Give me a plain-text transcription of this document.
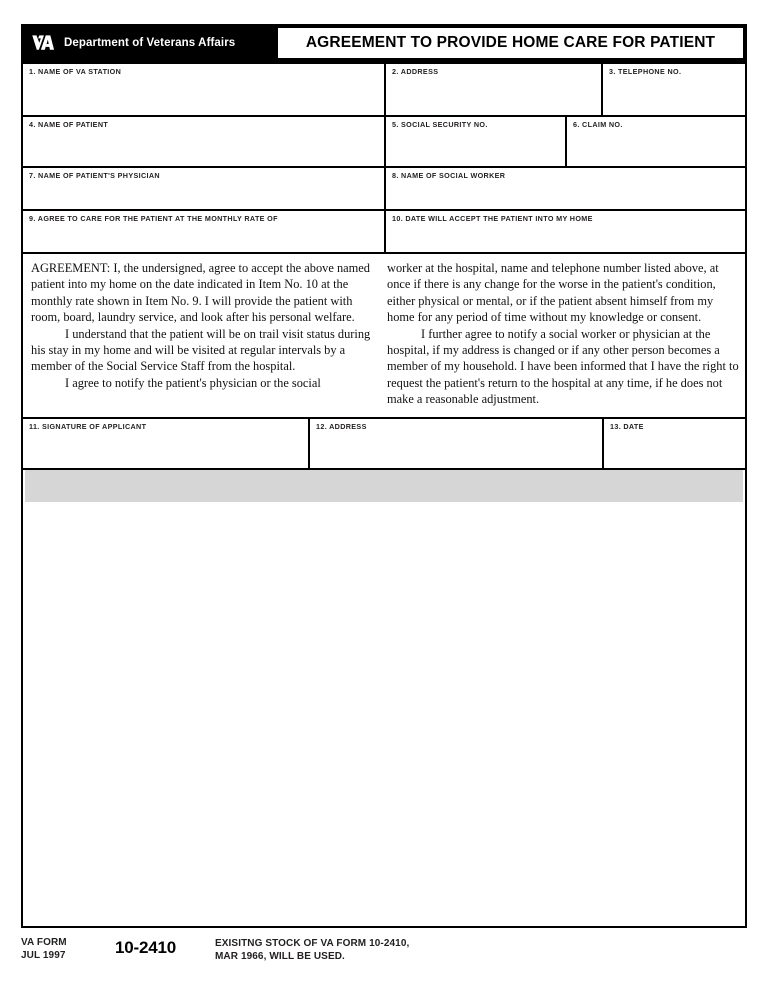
Department of Veterans Affairs	AGREEMENT TO PROVIDE HOME CARE FOR PATIENT
1. NAME OF VA STATION	2. ADDRESS	3. TELEPHONE NO.
4. NAME OF PATIENT	5. SOCIAL SECURITY NO.	6. CLAIM NO.
7. NAME OF PATIENT'S PHYSICIAN	8. NAME OF SOCIAL WORKER
9. AGREE TO CARE FOR THE PATIENT AT THE MONTHLY RATE OF	10. DATE WILL ACCEPT THE PATIENT INTO MY HOME

AGREEMENT: I, the undersigned, agree to accept the above named patient into my home on the date indicated in Item No. 10 at the monthly rate shown in Item No. 9. I will provide the patient with room, board, laundry service, and look after his personal welfare.

I understand that the patient will be on trail visit status during his stay in my home and will be visited at regular intervals by a member of the Social Service Staff from the hospital.

I agree to notify the patient's physician or the social

worker at the hospital, name and telephone number listed above, at once if there is any change for the worse in the patient's condition, either physical or mental, or if the patient absent himself from my home for any period of time without my knowledge or consent.

I further agree to notify a social worker or physician at the hospital, if my address is changed or if any other person becomes a member of my household. I have been informed that I have the right to request the patient's return to the hospital at any time, if he does not make a reasonable adjustment.

11. SIGNATURE OF APPLICANT	12. ADDRESS	13. DATE
VA FORM
JUL 1997	10-2410	EXISITNG STOCK OF VA FORM 10-2410,
MAR 1966, WILL BE USED.
